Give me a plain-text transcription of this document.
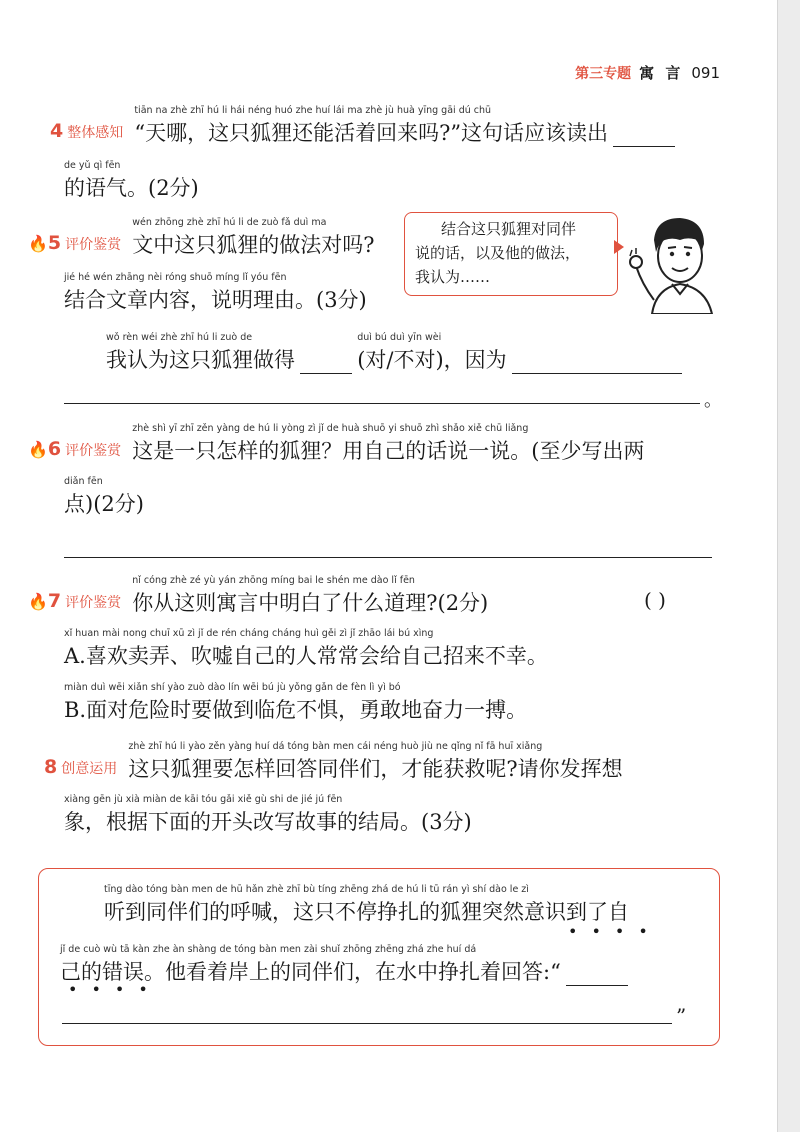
第三专题 寓 言 091

4 整体感知

tiān na zhè zhī hú li hái néng huó zhe huí lái ma zhè jù huà yīng gāi dú chū
“天哪，这只狐狸还能活着回来吗?”这句话应该读出

de yǔ qì fēn
的语气。(2分)

🔥5 评价鉴赏

wén zhōng zhè zhī hú li de zuò fǎ duì ma
文中这只狐狸的做法对吗?
jié hé wén zhāng nèi róng shuō míng lǐ yóu fēn
结合文章内容，说明理由。(3分)
wǒ rèn wéi zhè zhī hú li zuò de
我认为这只狐狸做得

duì bú duì yīn wèi
(对/不对)，因为

。
结合这只狐狸对同伴
说的话，以及他的做法，
我认为……

🔥6 评价鉴赏

zhè shì yī zhī zěn yàng de hú li yòng zì jǐ de huà shuō yi shuō zhì shǎo xiě chū liǎng
这是一只怎样的狐狸？用自己的话说一说。(至少写出两
diǎn fēn
点)(2分)

🔥7 评价鉴赏

nǐ cóng zhè zé yù yán zhōng míng bai le shén me dào lǐ fēn
你从这则寓言中明白了什么道理?(2分)	( )
xǐ huan mài nong chuī xū zì jǐ de rén cháng cháng huì gěi zì jǐ zhāo lái bú xìng
A.喜欢卖弄、吹嘘自己的人常常会给自己招来不幸。
miàn duì wēi xiǎn shí yào zuò dào lín wēi bú jù yǒng gǎn de fèn lì yì bó
B.面对危险时要做到临危不惧，勇敢地奋力一搏。

8 创意运用

zhè zhī hú li yào zěn yàng huí dá tóng bàn men cái néng huò jiù ne qǐng nǐ fā huī xiǎng
这只狐狸要怎样回答同伴们，才能获救呢?请你发挥想
xiàng gēn jù xià miàn de kāi tóu gǎi xiě gù shi de jié jú fēn
象，根据下面的开头改写故事的结局。(3分)
tīng dào tóng bàn men de hū hǎn zhè zhī bù tíng zhēng zhá de hú li tū rán yì shí dào le zì
听到同伴们的呼喊，这只不停挣扎的狐狸突然意识到了自
••••
jǐ de cuò wù tā kàn zhe àn shàng de tóng bàn men zài shuǐ zhōng zhēng zhá zhe huí dá
己的错误。他看着岸上的同伴们，在水中挣扎着回答:“

••••
”
